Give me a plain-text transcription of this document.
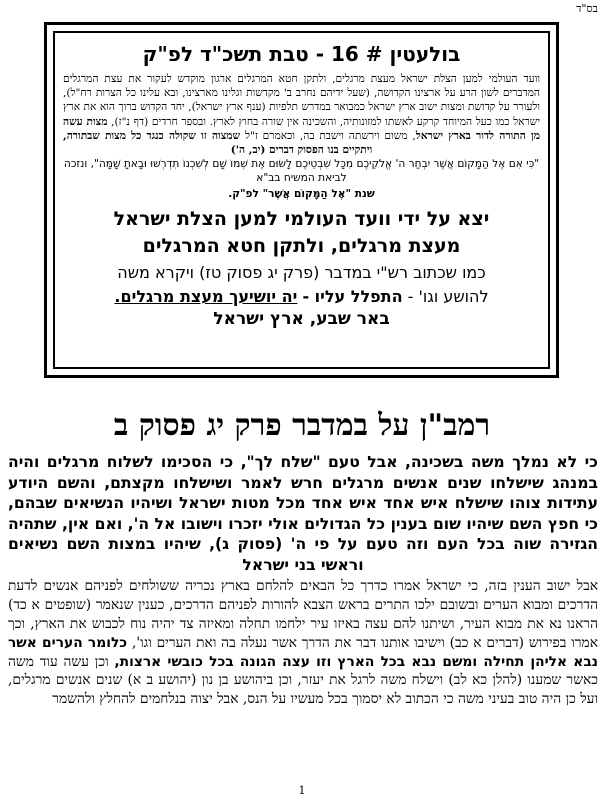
בס"ד
בולעטין # 16 - טבת תשכ"ד לפ"ק

וועד העולמי למען הצלת ישראל מעצת מרגלים, ולתקן חטא המרגלים ארגון מוקדש לעקור את עצת המרגלים המדברים לשון הרע על ארצינו הקדושה, (שעל ידיהם נחרב ב' מקדשות וגלינו מארצינו, ובא עלינו כל הצרות רח"ל), ולעורר על קדושת ומצות ישוב ארץ ישראל כמבואר במדרש תלפיות (ענף ארץ ישראל), יחד הקדוש ברוך הוא את ארץ ישראל כמו כעל המיוחד קרקע לאשתו למזונותיה, והשכינה אין שורה בחוץ לארץ. ובספר חרדים (דף נ"ז), מצות עשה מן התורה לדור בארץ ישראל, משום וירשתה וישבת בה, וכאמרם ז"ל שמצוה זו שקולה כנגד כל מצות שבתורה, ויתקיים בנו הפסוק דברים (יב, ה')

"כִּי אִם אֶל הַמָּקוֹם אֲשֶׁר יִבְחַר ה' אֱלֹקֵיכֶם מִכָּל שִׁבְטֵיכֶם לָשׂוּם אֶת שְׁמוֹ שָׁם לְשִׁכְנוֹ תִדְרְשׁוּ וּבָאתָ שָׁמָּה", ונזכה לביאת המשיח בב"א

שנת "אֶל הַמָּקוֹם אֲשֶׁר" לפ"ק.

יצא על ידי וועד העולמי למען הצלת ישראל

מעצת מרגלים, ולתקן חטא המרגלים

כמו שכתוב רש"י במדבר (פרק יג פסוק טז) ויקרא משה

להושע וגו' - התפלל עליו - יה יושיעך מעצת מרגלים.

באר שבע, ארץ ישראל

רמב"ן על במדבר פרק יג פסוק ב

כי לא נמלך משה בשכינה, אבל טעם "שלח לך", כי הסכימו לשלוח מרגלים והיה במנהג שישלחו שנים אנשים מרגלים חרש לאמר ושישלחו מקצתם, והשם היודע עתידות צוהו שישלח איש אחד איש אחד מכל מטות ישראל ושיהיו הנשיאים שבהם, כי חפץ השם שיהיו שום בענין כל הגדולים אולי יזכרו וישובו אל ה', ואם אין, שתהיה הגזירה שוה בכל העם וזה טעם על פי ה' (פסוק ג), שיהיו במצות השם נשיאים וראשי בני ישראל

אבל ישוב הענין בזה, כי ישראל אמרו כדרך כל הבאים להלחם בארץ נכריה ששולחים לפניהם אנשים לדעת הדרכים ומבוא הערים ובשובם ילכו התרים בראש הצבא להורות לפניהם הדרכים, כענין שנאמר (שופטים א כד) הראנו נא את מבוא העיר, ושיתנו להם עצה באיזו עיר ילחמו תחלה ומאיזה צד יהיה נוח לכבוש את הארץ, וכך אמרו בפירוש (דברים א כב) וישיבו אותנו דבר את הדרך אשר נעלה בה ואת הערים וגו', כלומר הערים אשר נבא אליהן תחילה ומשם נבא בכל הארץ וזו עצה הגונה בכל כובשי ארצות, וכן עשה עוד משה כאשר שמענו (להלן כא לב) וישלח משה לרגל את יעזר, וכן ביהושע בן נון (יהושע ב א) שנים אנשים מרגלים, ועל כן היה טוב בעיני משה כי הכתוב לא יסמוך בכל מעשיו על הנס, אבל יצוה בנלחמים להחלץ ולהשמר

1
